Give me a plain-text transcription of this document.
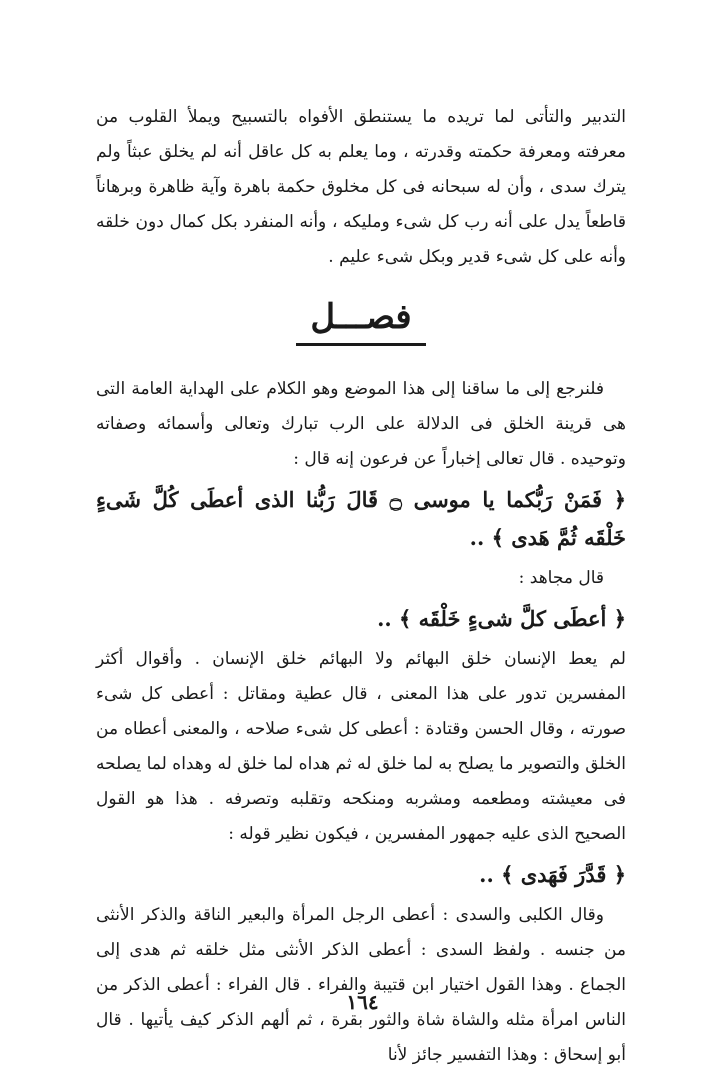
التدبير والتأتى لما تريده ما يستنطق الأفواه بالتسبيح ويملأ القلوب من معرفته ومعرفة حكمته وقدرته ، وما يعلم به كل عاقل أنه لم يخلق عبثاً ولم يترك سدى ، وأن له سبحانه فى كل مخلوق حكمة باهرة وآية ظاهرة وبرهاناً قاطعاً يدل على أنه رب كل شىء ومليكه ، وأنه المنفرد بكل كمال دون خلقه وأنه على كل شىء قدير وبكل شىء عليم .

فصـــل

فلنرجع إلى ما ساقنا إلى هذا الموضع وهو الكلام على الهداية العامة التى هى قرينة الخلق فى الدلالة على الرب تبارك وتعالى وأسمائه وصفاته وتوحيده . قال تعالى إخباراً عن فرعون إنه قال :

﴿ فَمَنْ رَبُّكما يا موسى ۝ قَالَ رَبُّنا الذى أعطَى كُلَّ شَىءٍ خَلْقَه ثُمَّ هَدى ﴾ ..
قال مجاهد :
﴿ أعطَى كلَّ شىءٍ خَلْقَه ﴾ ..

لم يعط الإنسان خلق البهائم ولا البهائم خلق الإنسان . وأقوال أكثر المفسرين تدور على هذا المعنى ، قال عطية ومقاتل : أعطى كل شىء صورته ، وقال الحسن وقتادة : أعطى كل شىء صلاحه ، والمعنى أعطاه من الخلق والتصوير ما يصلح به لما خلق له ثم هداه لما خلق له وهداه لما يصلحه فى معيشته ومطعمه ومشربه ومنكحه وتقلبه وتصرفه . هذا هو القول الصحيح الذى عليه جمهور المفسرين ، فيكون نظير قوله :

﴿ قَدَّرَ فَهَدى ﴾ ..

وقال الكلبى والسدى : أعطى الرجل المرأة والبعير الناقة والذكر الأنثى من جنسه . ولفظ السدى : أعطى الذكر الأنثى مثل خلقه ثم هدى إلى الجماع . وهذا القول اختيار ابن قتيبة والفراء . قال الفراء : أعطى الذكر من الناس امرأة مثله والشاة شاة والثور بقرة ، ثم ألهم الذكر كيف يأتيها . قال أبو إسحاق : وهذا التفسير جائز لأنا

١٦٤
